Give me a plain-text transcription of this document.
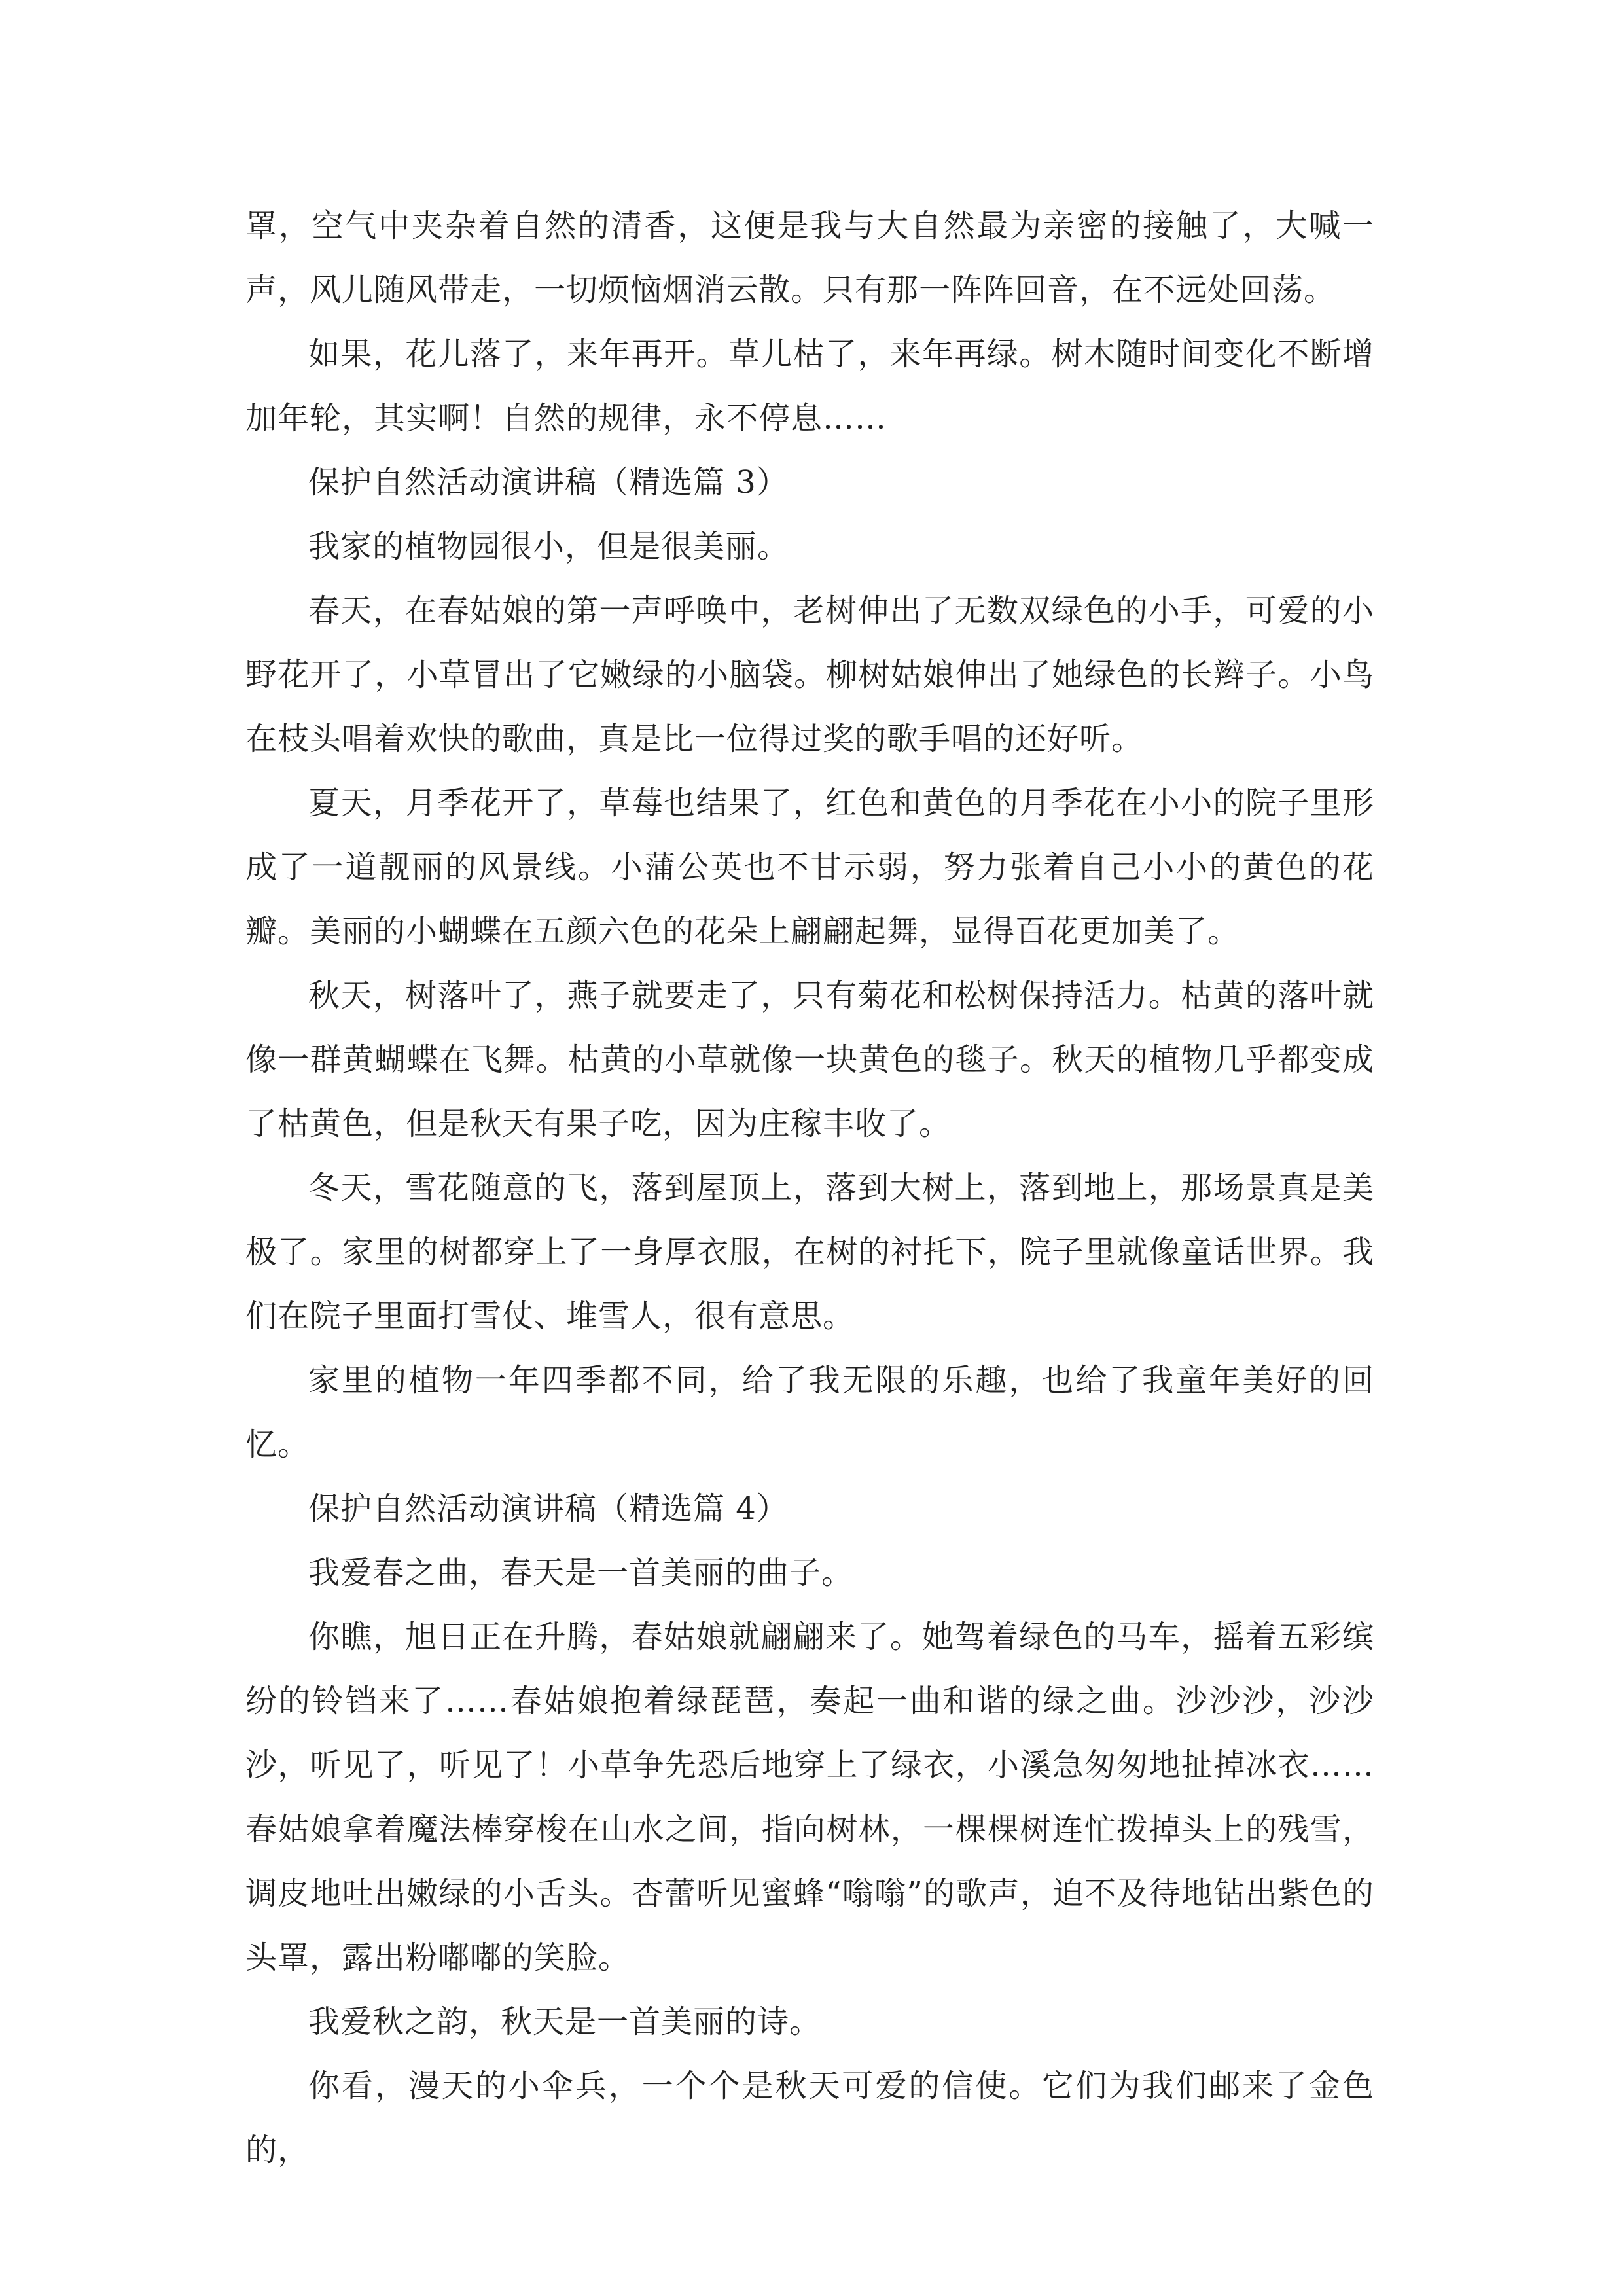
罩，空气中夹杂着自然的清香，这便是我与大自然最为亲密的接触了，大喊一声，风儿随风带走，一切烦恼烟消云散。只有那一阵阵回音，在不远处回荡。

如果，花儿落了，来年再开。草儿枯了，来年再绿。树木随时间变化不断增加年轮，其实啊！自然的规律，永不停息……

保护自然活动演讲稿（精选篇 3）

我家的植物园很小，但是很美丽。

春天，在春姑娘的第一声呼唤中，老树伸出了无数双绿色的小手，可爱的小野花开了，小草冒出了它嫩绿的小脑袋。柳树姑娘伸出了她绿色的长辫子。小鸟在枝头唱着欢快的歌曲，真是比一位得过奖的歌手唱的还好听。

夏天，月季花开了，草莓也结果了，红色和黄色的月季花在小小的院子里形成了一道靓丽的风景线。小蒲公英也不甘示弱，努力张着自己小小的黄色的花瓣。美丽的小蝴蝶在五颜六色的花朵上翩翩起舞，显得百花更加美了。

秋天，树落叶了，燕子就要走了，只有菊花和松树保持活力。枯黄的落叶就像一群黄蝴蝶在飞舞。枯黄的小草就像一块黄色的毯子。秋天的植物几乎都变成了枯黄色，但是秋天有果子吃，因为庄稼丰收了。

冬天，雪花随意的飞，落到屋顶上，落到大树上，落到地上，那场景真是美极了。家里的树都穿上了一身厚衣服，在树的衬托下，院子里就像童话世界。我们在院子里面打雪仗、堆雪人，很有意思。

家里的植物一年四季都不同，给了我无限的乐趣，也给了我童年美好的回忆。

保护自然活动演讲稿（精选篇 4）

我爱春之曲，春天是一首美丽的曲子。

你瞧，旭日正在升腾，春姑娘就翩翩来了。她驾着绿色的马车，摇着五彩缤纷的铃铛来了……春姑娘抱着绿琵琶，奏起一曲和谐的绿之曲。沙沙沙，沙沙沙，听见了，听见了！小草争先恐后地穿上了绿衣，小溪急匆匆地扯掉冰衣……春姑娘拿着魔法棒穿梭在山水之间，指向树林，一棵棵树连忙拨掉头上的残雪，调皮地吐出嫩绿的小舌头。杏蕾听见蜜蜂“嗡嗡”的歌声，迫不及待地钻出紫色的头罩，露出粉嘟嘟的笑脸。

我爱秋之韵，秋天是一首美丽的诗。

你看，漫天的小伞兵，一个个是秋天可爱的信使。它们为我们邮来了金色的，
